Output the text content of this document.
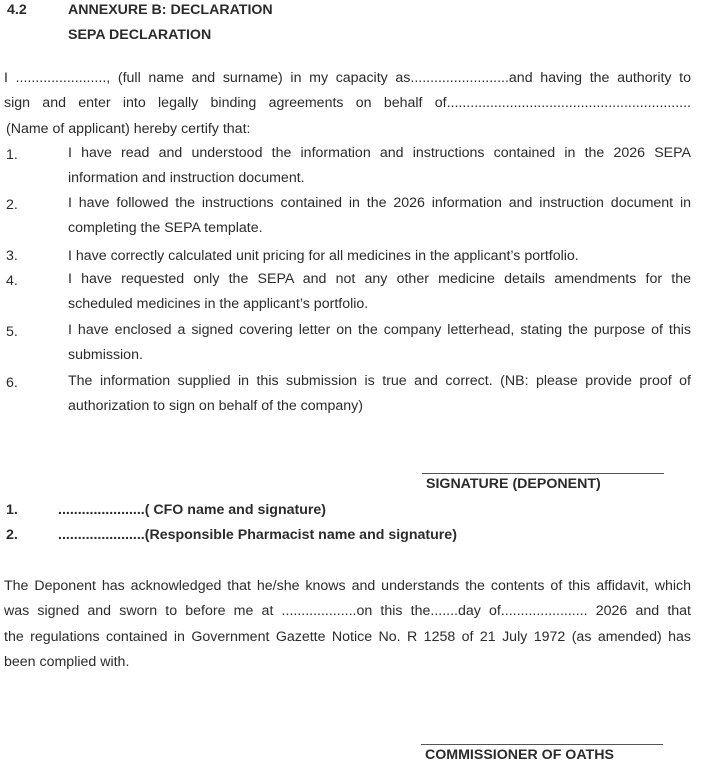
4.2	ANNEXURE B: DECLARATION
SEPA DECLARATION
I ......................., (full name and surname) in my capacity as.........................and having the authority to
sign and enter into legally binding agreements on behalf of..............................................................
(Name of applicant) hereby certify that:
1.	I have read and understood the information and instructions contained in the 2026 SEPA
information and instruction document.
2.	I have followed the instructions contained in the 2026 information and instruction document in
completing the SEPA template.
3.	I have correctly calculated unit pricing for all medicines in the applicant’s portfolio.
4.	I have requested only the SEPA and not any other medicine details amendments for the
scheduled medicines in the applicant’s portfolio.
5.	I have enclosed a signed covering letter on the company letterhead, stating the purpose of this
submission.
6.	The information supplied in this submission is true and correct. (NB: please provide proof of
authorization to sign on behalf of the company)
SIGNATURE (DEPONENT)
1.	......................( CFO name and signature)
2.	......................(Responsible Pharmacist name and signature)
The Deponent has acknowledged that he/she knows and understands the contents of this affidavit, which
was signed and sworn to before me at ...................on this the.......day of...................... 2026 and that
the regulations contained in Government Gazette Notice No. R 1258 of 21 July 1972 (as amended) has
been complied with.
COMMISSIONER OF OATHS
